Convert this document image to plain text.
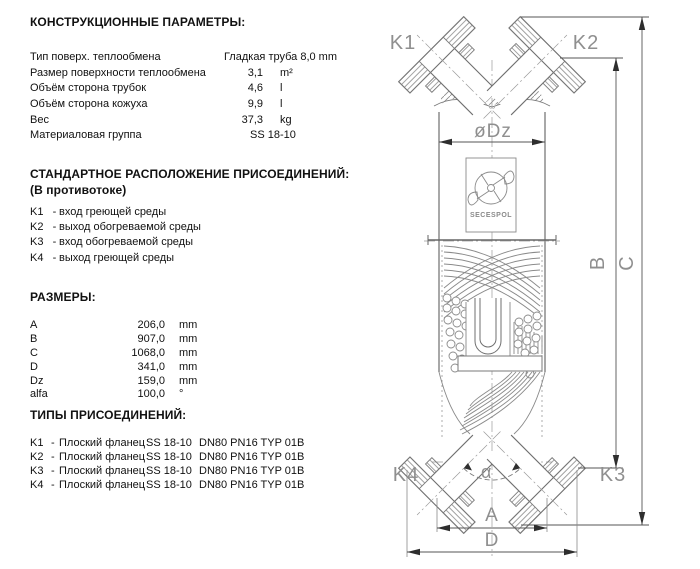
КОНСТРУКЦИОННЫЕ ПАРАМЕТРЫ:
Тип поверх. теплообмена	Гладкая труба 8,0 mm
Размер поверхности теплообмена	3,1 m²
Объём сторона трубок	4,6 l
Объём сторона кожуха	9,9 l
Вес	37,3 kg
Материаловая группа	SS 18-10
СТАНДАРТНОЕ РАСПОЛОЖЕНИЕ ПРИСОЕДИНЕНИЙ:
(В противотоке)
K1 - вход греющей среды
K2 - выход обогреваемой среды
K3 - вход обогреваемой среды
K4 - выход греющей среды
РАЗМЕРЫ:
A	206,0 mm
B	907,0 mm
C	1068,0 mm
D	341,0 mm
Dz	159,0 mm
alfa	100,0 °
ТИПЫ ПРИСОЕДИНЕНИЙ:
K1 - Плоский фланец SS 18-10 DN80 PN16 TYP 01B
K2 - Плоский фланец SS 18-10 DN80 PN16 TYP 01B
K3 - Плоский фланец SS 18-10 DN80 PN16 TYP 01B
K4 - Плоский фланец SS 18-10 DN80 PN16 TYP 01B
SECESPOL
α
øDz
B C
A
D
K1	K2
K3
K4
